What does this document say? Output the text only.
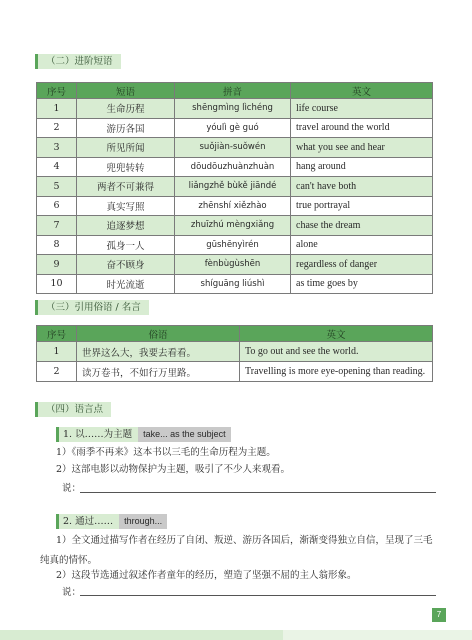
（二）进阶短语
序号	短语	拼音	英文
1	生命历程	shēngmìng lìchéng	life course
2	游历各国	yóulì gè guó	travel around the world
3	所见所闻	suǒjiàn-suǒwén	what you see and hear
4	兜兜转转	dōudōuzhuànzhuàn	hang around
5	两者不可兼得	liǎngzhě bùkě jiāndé	can't have both
6	真实写照	zhēnshí xiězhào	true portrayal
7	追逐梦想	zhuīzhú mèngxiǎng	chase the dream
8	孤身一人	gūshēnyìrén	alone
9	奋不顾身	fènbùgùshēn	regardless of danger
10	时光流逝	shíguāng liúshì	as time goes by
（三）引用俗语 / 名言
序号	俗语	英文
1	世界这么大，我要去看看。	To go out and see the world.
2	读万卷书，不如行万里路。	Travelling is more eye-opening than reading.
（四）语言点
1. 以……为主题	take... as the subject
1）《雨季不再来》这本书以三毛的生命历程为主题。
2）这部电影以动物保护为主题，吸引了不少人来观看。
说：
2. 通过……	through...
1）全文通过描写作者在经历了自闭、叛逆、游历各国后，渐渐变得独立自信，呈现了三毛纯真的情怀。
2）这段节选通过叙述作者童年的经历，塑造了坚强不屈的主人翁形象。
说：
7
